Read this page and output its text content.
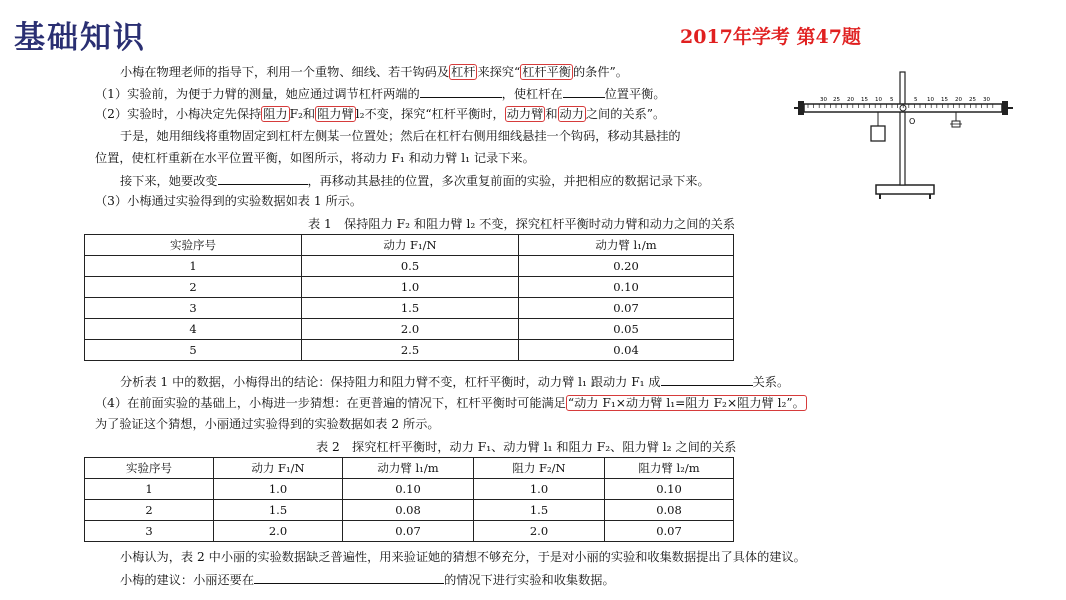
基础知识	2017年学考 第47题
小梅在物理老师的指导下，利用一个重物、细线、若干钩码及 杠杆 来探究“ 杠杆平衡 的条件”。
（1）实验前，为便于力臂的测量，她应通过调节杠杆两端的	，使杠杆在	位置平衡。
（2）实验时，小梅决定先保持 阻力 F₂和 阻力臂 l₂不变，探究“杠杆平衡时， 动力臂 和 动力 之间的关系”。
于是，她用细线将重物固定到杠杆左侧某一位置处；然后在杠杆右侧用细线悬挂一个钩码，移动其悬挂的
位置，使杠杆重新在水平位置平衡，如图所示，将动力 F₁ 和动力臂 l₁ 记录下来。
接下来，她要改变	，再移动其悬挂的位置，多次重复前面的实验，并把相应的数据记录下来。
（3）小梅通过实验得到的实验数据如表 1 所示。
表 1　保持阻力 F₂ 和阻力臂 l₂ 不变，探究杠杆平衡时动力臂和动力之间的关系
实验序号	动力 F₁/N	动力臂 l₁/m
1	0.5	0.20
2	1.0	0.10
3	1.5	0.07
4	2.0	0.05
5	2.5	0.04
分析表 1 中的数据，小梅得出的结论：保持阻力和阻力臂不变，杠杆平衡时，动力臂 l₁ 跟动力 F₁ 成	关系。
（4）在前面实验的基础上，小梅进一步猜想：在更普遍的情况下，杠杆平衡时可能满足 “动力 F₁×动力臂 l₁=阻力 F₂×阻力臂 l₂”。
为了验证这个猜想，小丽通过实验得到的实验数据如表 2 所示。
表 2　探究杠杆平衡时，动力 F₁、动力臂 l₁ 和阻力 F₂、阻力臂 l₂ 之间的关系
实验序号	动力 F₁/N	动力臂 l₁/m	阻力 F₂/N	阻力臂 l₂/m
1	1.0	0.10	1.0	0.10
2	1.5	0.08	1.5	0.08
3	2.0	0.07	2.0	0.07
小梅认为，表 2 中小丽的实验数据缺乏普遍性，用来验证她的猜想不够充分，于是对小丽的实验和收集数据提出了具体的建议。
小梅的建议：小丽还要在	的情况下进行实验和收集数据。
O
30 25 20 15 10 5	5 10 15 20 25 30
